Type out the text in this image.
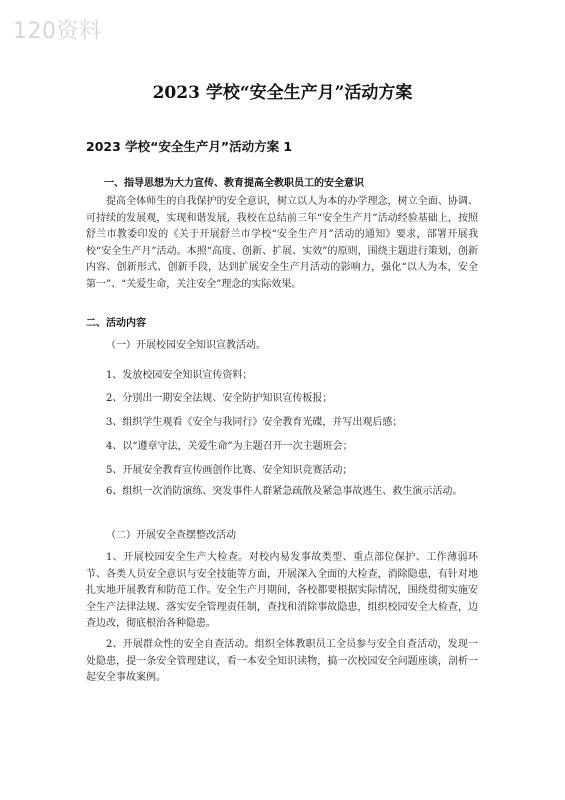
120资料
2023 学校“安全生产月”活动方案
2023 学校“安全生产月”活动方案 1
一、指导思想为大力宣传、教育提高全教职员工的安全意识
提高全体师生的自我保护的安全意识，树立以人为本的办学理念，树立全面、协调、可持续的发展观，实现和谐发展，我校在总结前三年“安全生产月”活动经验基础上，按照舒兰市教委印发的《关于开展舒兰市学校“安全生产月”活动的通知》要求，部署开展我校“安全生产月”活动。本照“高度、创新、扩展、实效”的原则，围绕主题进行策划，创新内容、创新形式、创新手段，达到扩展安全生产月活动的影响力，强化“以人为本，安全第一”、“关爱生命，关注安全”理念的实际效果。
二、活动内容
（一）开展校园安全知识宣教活动。
1、发放校园安全知识宣传资料；
2、分別出一期安全法规、安全防护知识宣传板报；
3、组织学生观看《安全与我同行》安全教育光碟，并写出观后感；
4、以“遵章守法，关爱生命”为主题召开一次主题班会；
5、开展安全教育宣传画创作比赛、安全知识竞赛活动；
6、组织一次消防演练、突发事件人群紧急疏散及紧急事故逃生、救生演示活动。
（二）开展安全查摆整改活动
1、开展校园安全生产大检查。对校内易发事故类型、重点部位保护、工作薄弱环节、各类人员安全意识与安全技能等方面，开展深入全面的大检查，消除隐患，有针对地扎实地开展教育和防范工作。安全生产月期间，各校都要根据实际情况，围绕贯彻实施安全生产法律法规、落实安全管理责任制，查找和消除事故隐患，组织校园安全大检查，边查边改，彻底根治各种隐患。
2、开展群众性的安全自查活动。组织全体教职员工全员参与安全自查活动，发现一处隐患，提一条安全管理建议，看一本安全知识读物，搞一次校园安全问题座谈，剖析一起安全事故案例。
